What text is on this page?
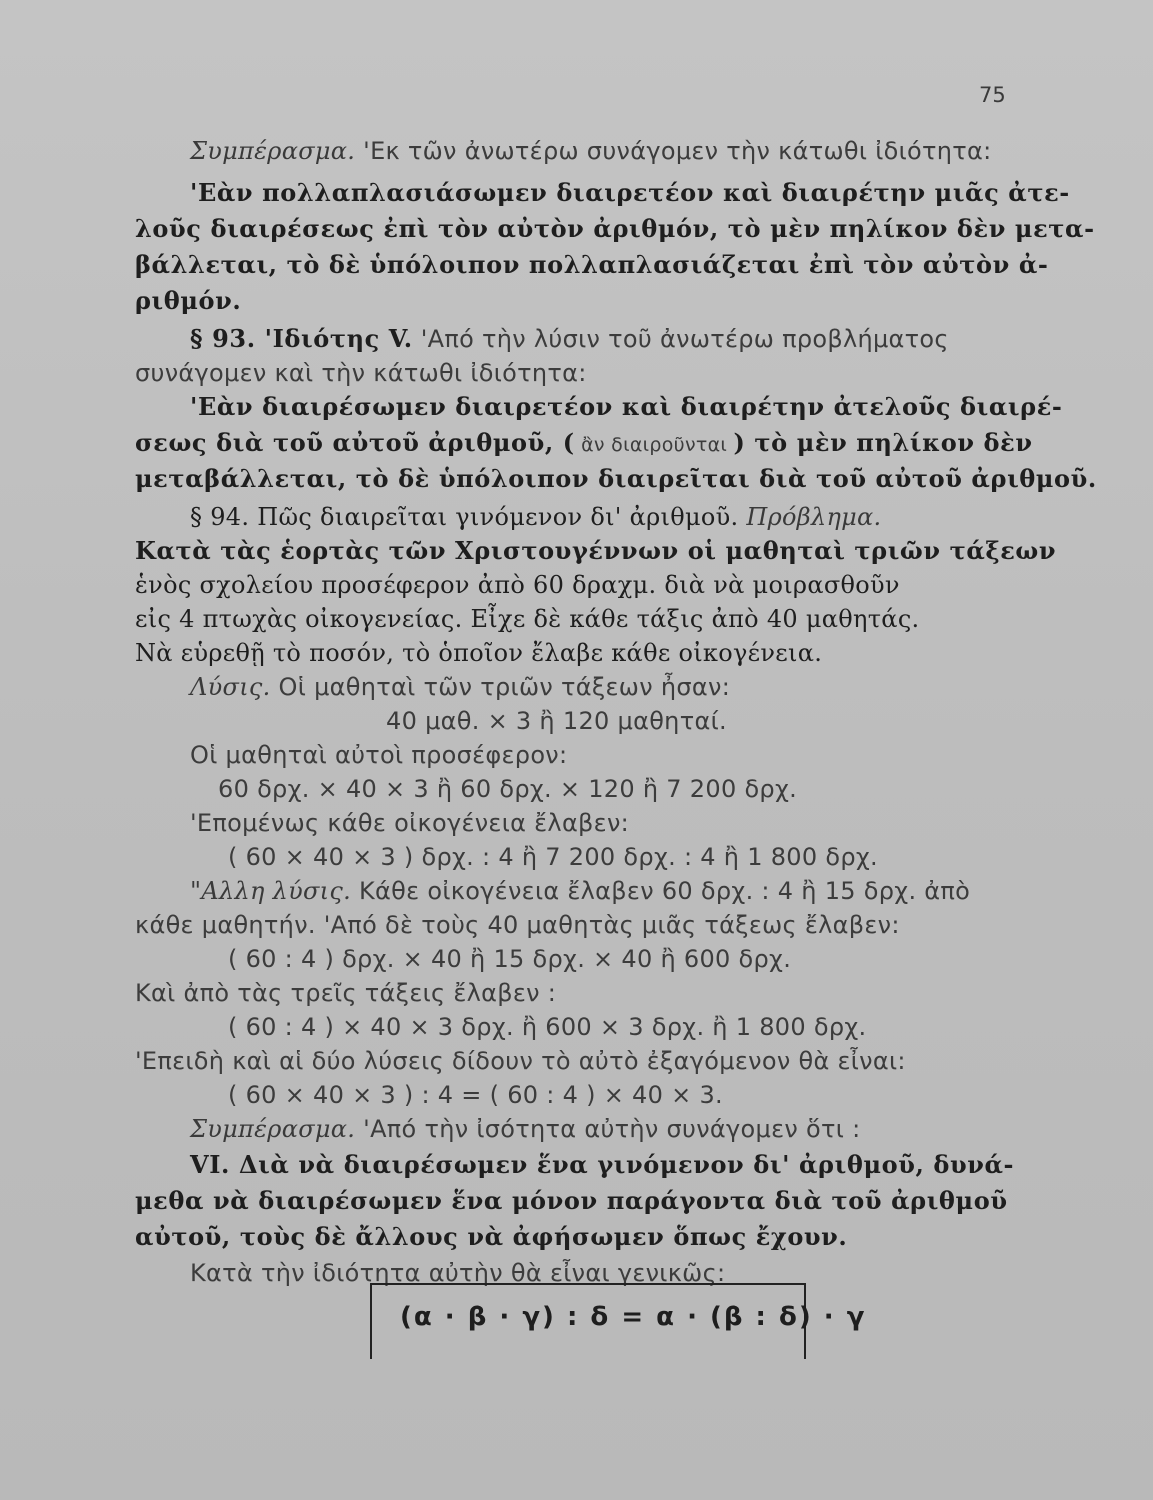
75
Συμπέρασμα. 'Εκ τῶν ἀνωτέρω συνάγομεν τὴν κάτωθι ἰδιότητα:
'Εὰν πολλαπλασιάσωμεν διαιρετέον καὶ διαιρέτην μιᾶς ἀτε-
λοῦς διαιρέσεως ἐπὶ τὸν αὐτὸν ἀριθμόν, τὸ μὲν πηλίκον δὲν μετα-
βάλλεται, τὸ δὲ ὑπόλοιπον πολλαπλασιάζεται ἐπὶ τὸν αὐτὸν ἀ-
ριθμόν.
§ 93. 'Ιδιότης V. 'Από τὴν λύσιν τοῦ ἀνωτέρω προβλήματος
συνάγομεν καὶ τὴν κάτωθι ἰδιότητα:
'Εὰν διαιρέσωμεν διαιρετέον καὶ διαιρέτην ἀτελοῦς διαιρέ-
σεως διὰ τοῦ αὐτοῦ ἀριθμοῦ, ( ἂν διαιροῦνται ) τὸ μὲν πηλίκον δὲν
μεταβάλλεται, τὸ δὲ ὑπόλοιπον διαιρεῖται διὰ τοῦ αὐτοῦ ἀριθμοῦ.
§ 94. Πῶς διαιρεῖται γινόμενον δι' ἀριθμοῦ. Πρόβλημα.
Κατὰ τὰς ἑορτὰς τῶν Χριστουγέννων οἱ μαθηταὶ τριῶν τάξεων
ἑνὸς σχολείου προσέφερον ἀπὸ 60 δραχμ. διὰ νὰ μοιρασθοῦν
εἰς 4 πτωχὰς οἰκογενείας. Εἶχε δὲ κάθε τάξις ἀπὸ 40 μαθητάς.
Νὰ εὑρεθῇ τὸ ποσόν, τὸ ὁποῖον ἔλαβε κάθε οἰκογένεια.
Λύσις. Οἱ μαθηταὶ τῶν τριῶν τάξεων ἦσαν:
40 μαθ. × 3 ἢ 120 μαθηταί.
Οἱ μαθηταὶ αὐτοὶ προσέφερον:
60 δρχ. × 40 × 3 ἢ 60 δρχ. × 120 ἢ 7 200 δρχ.
'Επομένως κάθε οἰκογένεια ἔλαβεν:
( 60 × 40 × 3 ) δρχ. : 4 ἢ 7 200 δρχ. : 4 ἢ 1 800 δρχ.
"Αλλη λύσις. Κάθε οἰκογένεια ἔλαβεν 60 δρχ. : 4 ἢ 15 δρχ. ἀπὸ
κάθε μαθητήν. 'Από δὲ τοὺς 40 μαθητὰς μιᾶς τάξεως ἔλαβεν:
( 60 : 4 ) δρχ. × 40 ἢ 15 δρχ. × 40 ἢ 600 δρχ.
Καὶ ἀπὸ τὰς τρεῖς τάξεις ἔλαβεν :
( 60 : 4 ) × 40 × 3 δρχ. ἢ 600 × 3 δρχ. ἢ 1 800 δρχ.
'Επειδὴ καὶ αἱ δύο λύσεις δίδουν τὸ αὐτὸ ἐξαγόμενον θὰ εἶναι:
( 60 × 40 × 3 ) : 4 = ( 60 : 4 ) × 40 × 3.
Συμπέρασμα. 'Από τὴν ἰσότητα αὐτὴν συνάγομεν ὅτι :
VI. Διὰ νὰ διαιρέσωμεν ἕνα γινόμενον δι' ἀριθμοῦ, δυνά-
μεθα νὰ διαιρέσωμεν ἕνα μόνον παράγοντα διὰ τοῦ ἀριθμοῦ
αὐτοῦ, τοὺς δὲ ἄλλους νὰ ἀφήσωμεν ὅπως ἔχουν.
Κατὰ τὴν ἰδιότητα αὐτὴν θὰ εἶναι γενικῶς:
(α · β · γ) : δ = α · (β : δ) · γ
